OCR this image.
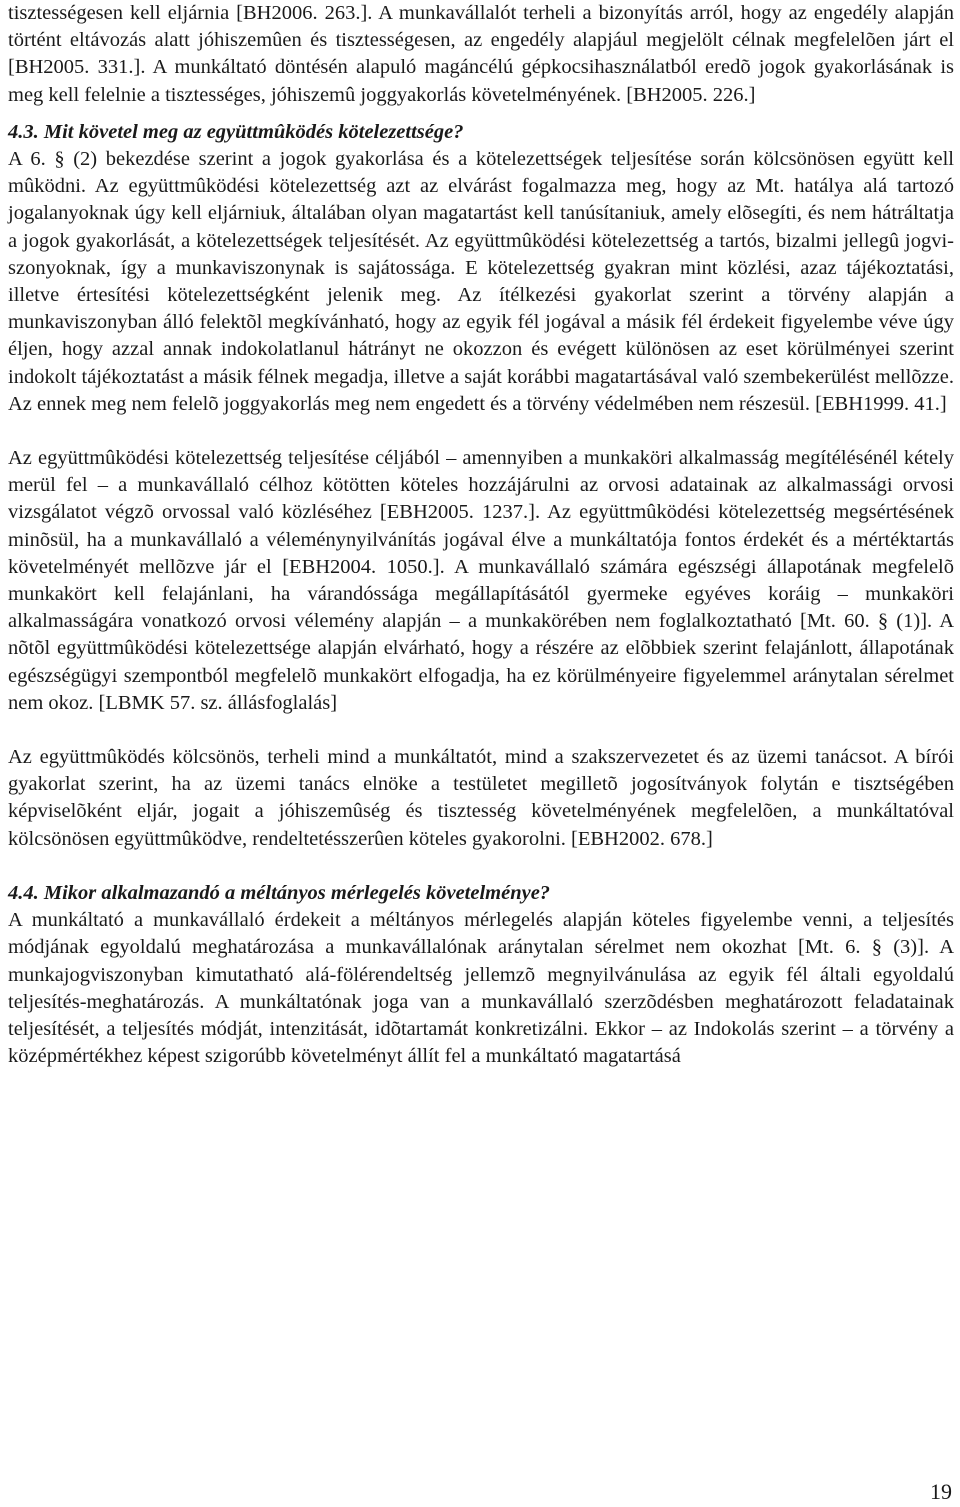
tisztességesen kell eljárnia [BH2006. 263.]. A munkavállalót terheli a bizonyítás arról, hogy az engedély alapján történt eltávozás alatt jóhiszemûen és tisztességesen, az engedély alapjául megjelölt célnak megfelelõen járt el [BH2005. 331.]. A munkáltató döntésén alapuló magáncélú gépkocsihasználatból eredõ jogok gyakorlásának is meg kell felelnie a tisztességes, jóhiszemû joggyakorlás követelményének. [BH2005. 226.]

4.3. Mit követel meg az együttmûködés kötelezettsége?

A 6. § (2) bekezdése szerint a jogok gyakorlása és a kötelezettségek teljesítése során kölcsönösen együtt kell mûködni. Az együttmûködési kötelezettség azt az elvárást fogalmazza meg, hogy az Mt. hatálya alá tartozó jogalanyoknak úgy kell eljárniuk, általában olyan magatartást kell tanúsítaniuk, amely elõsegíti, és nem hátráltatja a jogok gyakorlását, a kötelezettségek teljesítését. Az együttmûködési kötelezettség a tartós, bizalmi jellegû jogviszonyoknak, így a munkaviszonynak is sajátossága. E kötelezettség gyakran mint közlési, azaz tájékoztatási, illetve értesítési kötelezettségként jelenik meg. Az ítélkezési gyakorlat szerint a törvény alapján a munkaviszonyban álló felektõl megkívánható, hogy az egyik fél jogával a másik fél érdekeit figyelembe véve úgy éljen, hogy azzal annak indokolatlanul hátrányt ne okozzon és evégett különösen az eset körülményei szerint indokolt tájékoztatást a másik félnek megadja, illetve a saját korábbi magatartásával való szembekerülést mellõzze. Az ennek meg nem felelõ joggyakorlás meg nem engedett és a törvény védelmében nem részesül. [EBH1999. 41.]

Az együttmûködési kötelezettség teljesítése céljából – amennyiben a munkaköri alkalmasság megítélésénél kétely merül fel – a munkavállaló célhoz kötötten köteles hozzájárulni az orvosi adatainak az alkalmassági orvosi vizsgálatot végzõ orvossal való közléséhez [EBH2005. 1237.]. Az együttmûködési kötelezettség megsértésének minõsül, ha a munkavállaló a véleménynyilvánítás jogával élve a munkáltatója fontos érdekét és a mértéktartás követelményét mellõzve jár el [EBH2004. 1050.]. A munkavállaló számára egészségi állapotának megfelelõ munkakört kell felajánlani, ha várandóssága megállapításától gyermeke egyéves koráig – munkaköri alkalmasságára vonatkozó orvosi vélemény alapján – a munkakörében nem foglalkoztatható [Mt. 60. § (1)]. A nõtõl együttmûködési kötelezettsége alapján elvárható, hogy a részére az elõbbiek szerint felajánlott, állapotának egészségügyi szempontból megfelelõ munkakört elfogadja, ha ez körülményeire figyelemmel aránytalan sérelmet nem okoz. [LBMK 57. sz. állásfoglalás]

Az együttmûködés kölcsönös, terheli mind a munkáltatót, mind a szakszervezetet és az üzemi tanácsot. A bírói gyakorlat szerint, ha az üzemi tanács elnöke a testületet megilletõ jogosítványok folytán e tisztségében képviselõként eljár, jogait a jóhiszemûség és tisztesség követelményének megfelelõen, a munkáltatóval kölcsönösen együttmûködve, rendeltetésszerûen köteles gyakorolni. [EBH2002. 678.]

4.4. Mikor alkalmazandó a méltányos mérlegelés követelménye?

A munkáltató a munkavállaló érdekeit a méltányos mérlegelés alapján köteles figyelembe venni, a teljesítés módjának egyoldalú meghatározása a munkavállalónak aránytalan sérelmet nem okozhat [Mt. 6. § (3)]. A munkajogviszonyban kimutatható alá-fölérendeltség jellemzõ megnyilvánulása az egyik fél általi egyoldalú teljesítés-meghatározás. A munkáltatónak joga van a munkavállaló szerzõdésben meghatározott feladatainak teljesítését, a teljesítés módját, intenzitását, idõtartamát konkretizálni. Ekkor – az Indokolás szerint – a törvény a középmértékhez képest szigorúbb követelményt állít fel a munkáltató magatartásá

19
